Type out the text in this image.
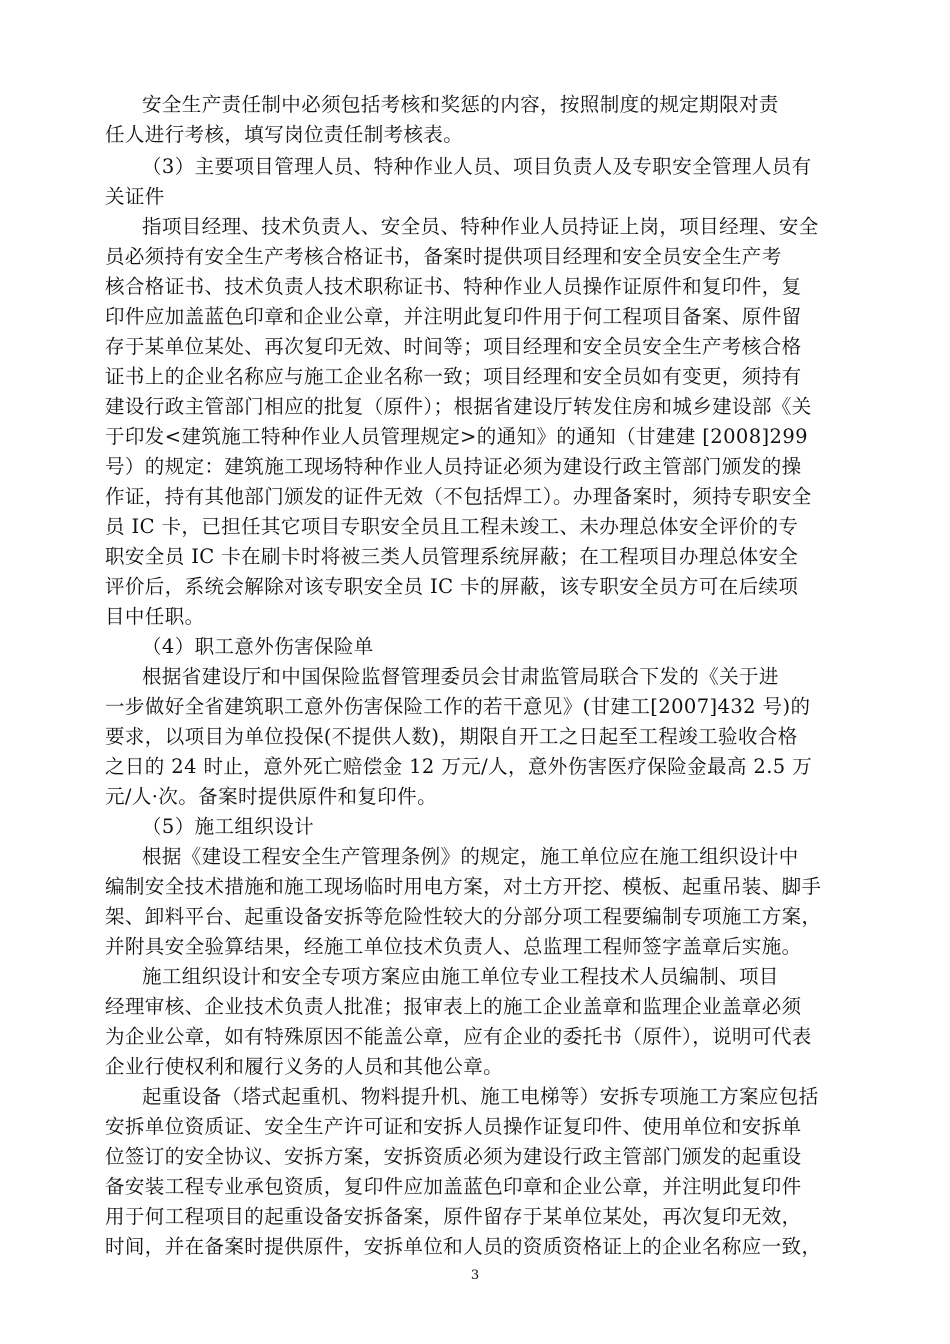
安全生产责任制中必须包括考核和奖惩的内容，按照制度的规定期限对责
任人进行考核，填写岗位责任制考核表。
（3）主要项目管理人员、特种作业人员、项目负责人及专职安全管理人员有
关证件
指项目经理、技术负责人、安全员、特种作业人员持证上岗，项目经理、安全
员必须持有安全生产考核合格证书，备案时提供项目经理和安全员安全生产考
核合格证书、技术负责人技术职称证书、特种作业人员操作证原件和复印件，复
印件应加盖蓝色印章和企业公章，并注明此复印件用于何工程项目备案、原件留
存于某单位某处、再次复印无效、时间等；项目经理和安全员安全生产考核合格
证书上的企业名称应与施工企业名称一致；项目经理和安全员如有变更，须持有
建设行政主管部门相应的批复（原件）；根据省建设厅转发住房和城乡建设部《关
于印发<建筑施工特种作业人员管理规定>的通知》的通知（甘建建 [2008]299
号）的规定：建筑施工现场特种作业人员持证必须为建设行政主管部门颁发的操
作证，持有其他部门颁发的证件无效（不包括焊工）。办理备案时，须持专职安全
员 IC 卡，已担任其它项目专职安全员且工程未竣工、未办理总体安全评价的专
职安全员 IC 卡在刷卡时将被三类人员管理系统屏蔽；在工程项目办理总体安全
评价后，系统会解除对该专职安全员 IC 卡的屏蔽，该专职安全员方可在后续项
目中任职。
（4）职工意外伤害保险单
根据省建设厅和中国保险监督管理委员会甘肃监管局联合下发的《关于进
一步做好全省建筑职工意外伤害保险工作的若干意见》(甘建工[2007]432 号)的
要求，以项目为单位投保(不提供人数)，期限自开工之日起至工程竣工验收合格
之日的 24 时止，意外死亡赔偿金 12 万元/人，意外伤害医疗保险金最高 2.5 万
元/人·次。备案时提供原件和复印件。
（5）施工组织设计
根据《建设工程安全生产管理条例》的规定，施工单位应在施工组织设计中
编制安全技术措施和施工现场临时用电方案，对土方开挖、模板、起重吊装、脚手
架、卸料平台、起重设备安拆等危险性较大的分部分项工程要编制专项施工方案，
并附具安全验算结果，经施工单位技术负责人、总监理工程师签字盖章后实施。
施工组织设计和安全专项方案应由施工单位专业工程技术人员编制、项目
经理审核、企业技术负责人批准；报审表上的施工企业盖章和监理企业盖章必须
为企业公章，如有特殊原因不能盖公章，应有企业的委托书（原件），说明可代表
企业行使权利和履行义务的人员和其他公章。
起重设备（塔式起重机、物料提升机、施工电梯等）安拆专项施工方案应包括
安拆单位资质证、安全生产许可证和安拆人员操作证复印件、使用单位和安拆单
位签订的安全协议、安拆方案，安拆资质必须为建设行政主管部门颁发的起重设
备安装工程专业承包资质，复印件应加盖蓝色印章和企业公章，并注明此复印件
用于何工程项目的起重设备安拆备案，原件留存于某单位某处，再次复印无效，
时间，并在备案时提供原件，安拆单位和人员的资质资格证上的企业名称应一致，
3
